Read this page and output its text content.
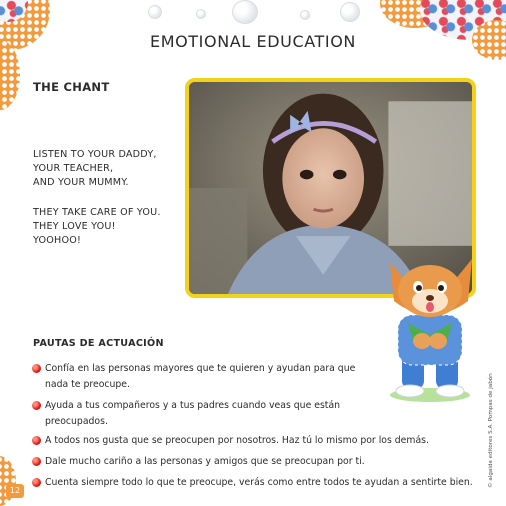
EMOTIONAL EDUCATION
THE CHANT
LISTEN TO YOUR DADDY,
YOUR TEACHER,
AND YOUR MUMMY.
THEY TAKE CARE OF YOU.
THEY LOVE YOU!
YOOHOO!
PAUTAS DE ACTUACIÓN
Confía en las personas mayores que te quieren y ayudan para que
nada te preocupe.
Ayuda a tus compañeros y a tus padres cuando veas que están
preocupados.
A todos nos gusta que se preocupen por nosotros. Haz tú lo mismo por los demás.
Dale mucho cariño a las personas y amigos que se preocupan por ti.
Cuenta siempre todo lo que te preocupe, verás como entre todos te ayudan a sentirte bien.
12
© algaida editores S.A. Pompas de jabón
